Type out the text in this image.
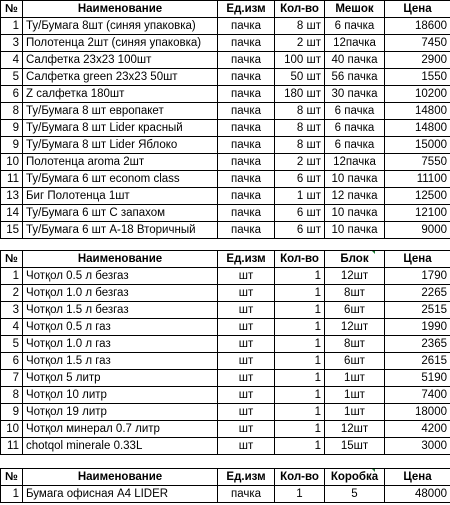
№	Наименование	Ед.изм	Кол-во	Мешок	Цена
1	Ту/Бумага 8шт (синяя упаковка)	пачка	8 шт	6 пачка	18600
3	Полотенца 2шт (синяя упаковка)	пачка	2 шт	12пачка	7450
4	Салфетка 23х23 100шт	пачка	100 шт	40 пачка	2900
5	Салфетка green 23х23 50шт	пачка	50 шт	56 пачка	1550
6	Z салфетка 180шт	пачка	180 шт	30 пачка	10200
8	Ту/Бумага 8 шт европакет	пачка	8 шт	6 пачка	14800
9	Ту/Бумага 8 шт Lider красный	пачка	8 шт	6 пачка	14800
9	Ту/Бумага 8 шт Lider Яблоко	пачка	8 шт	6 пачка	15000
10	Полотенца aroma 2шт	пачка	2 шт	12пачка	7550
11	Ту/Бумага 6 шт econom class	пачка	6 шт	10 пачка	11100
13	Биг Полотенца 1шт	пачка	1 шт	12 пачка	12500
14	Ту/Бумага 6 шт С запахом	пачка	6 шт	10 пачка	12100
15	Ту/Бумага 6 шт А-18 Вторичный	пачка	6 шт	10 пачка	9000
№	Наименование	Ед.изм	Кол-во	Блок	Цена
1	Чотқол 0.5 л безгаз	шт	1	12шт	1790
2	Чотқол 1.0 л безгаз	шт	1	8шт	2265
3	Чотқол 1.5 л безгаз	шт	1	6шт	2515
4	Чотқол 0.5 л газ	шт	1	12шт	1990
5	Чотқол 1.0 л газ	шт	1	8шт	2365
6	Чотқол 1.5 л газ	шт	1	6шт	2615
7	Чотқол 5 литр	шт	1	1шт	5190
8	Чотқол 10 литр	шт	1	1шт	7400
9	Чотқол 19 литр	шт	1	1шт	18000
10	Чотқол минерал 0.7 литр	шт	1	12шт	4200
11	chotqol minerale 0.33L	шт	1	15шт	3000
№	Наименование	Ед.изм	Кол-во	Коробка	Цена
1	Бумага офисная А4 LIDER	пачка	1	5	48000
